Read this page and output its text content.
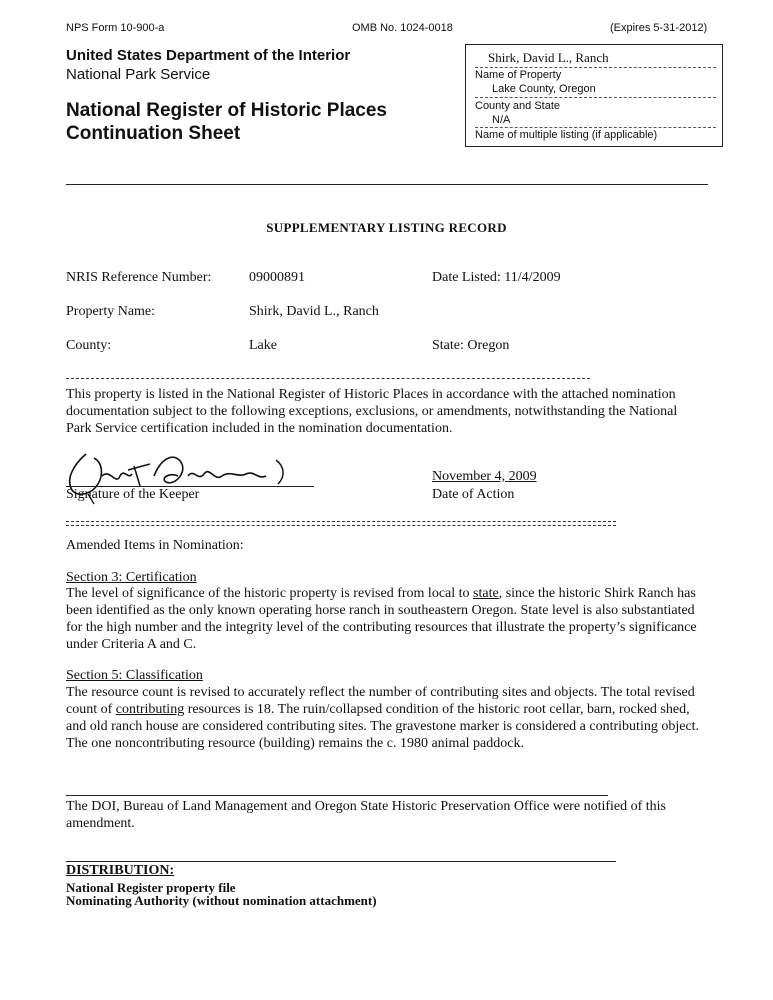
NPS Form 10-900-a	OMB No. 1024-0018	(Expires 5-31-2012)
United States Department of the Interior
National Park Service
National Register of Historic Places
Continuation Sheet
Shirk, David L., Ranch
Name of Property
Lake County, Oregon
County and State
N/A
Name of multiple listing (if applicable)
SUPPLEMENTARY LISTING RECORD
NRIS Reference Number:	09000891	Date Listed: 11/4/2009
Property Name:	Shirk, David L., Ranch
County:	Lake	State: Oregon
This property is listed in the National Register of Historic Places in accordance with the attached nomination
documentation subject to the following exceptions, exclusions, or amendments, notwithstanding the National
Park Service certification included in the nomination documentation.
Signature of the Keeper
November 4, 2009
Date of Action
Amended Items in Nomination:
Section 3: Certification
The level of significance of the historic property is revised from local to state, since the historic Shirk Ranch has
been identified as the only known operating horse ranch in southeastern Oregon. State level is also substantiated
for the high number and the integrity level of the contributing resources that illustrate the property’s significance
under Criteria A and C.
Section 5: Classification
The resource count is revised to accurately reflect the number of contributing sites and objects. The total revised
count of contributing resources is 18. The ruin/collapsed condition of the historic root cellar, barn, rocked shed,
and old ranch house are considered contributing sites. The gravestone marker is considered a contributing object.
The one noncontributing resource (building) remains the c. 1980 animal paddock.
The DOI, Bureau of Land Management and Oregon State Historic Preservation Office were notified of this
amendment.
DISTRIBUTION:
National Register property file
Nominating Authority (without nomination attachment)
